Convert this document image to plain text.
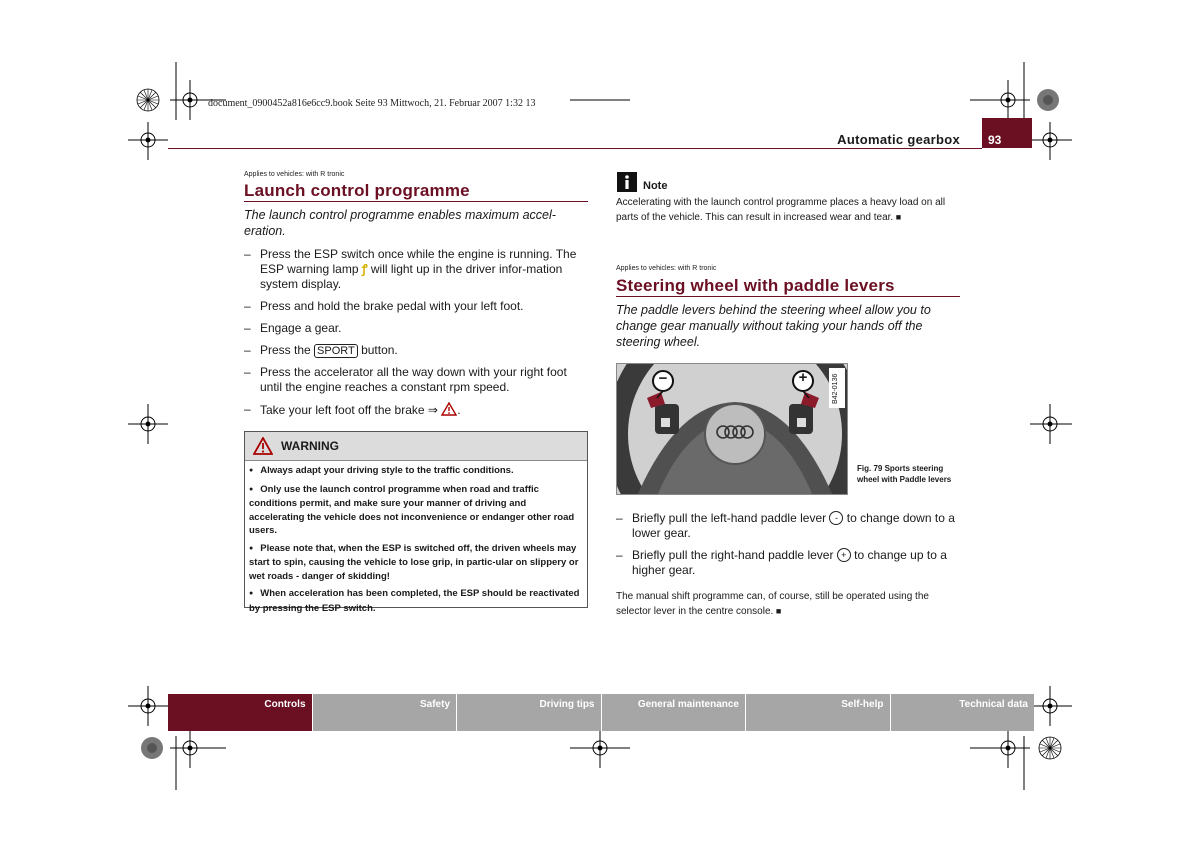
document_0900452a816e6cc9.book Seite 93 Mittwoch, 21. Februar 2007 1:32 13
Automatic gearbox	93
Applies to vehicles: with R tronic
Launch control programme
The launch control programme enables maximum accel-eration.
– Press the ESP switch once while the engine is running. The ESP warning lamp ꝭ will light up in the driver infor-mation system display.
– Press and hold the brake pedal with your left foot.
– Engage a gear.
– Press the SPORT button.
– Press the accelerator all the way down with your right foot until the engine reaches a constant rpm speed.
– Take your left foot off the brake ⇒ .
WARNING
● Always adapt your driving style to the traffic conditions.
● Only use the launch control programme when road and traffic conditions permit, and make sure your manner of driving and accelerating the vehicle does not inconvenience or endanger other road users.
● Please note that, when the ESP is switched off, the driven wheels may start to spin, causing the vehicle to lose grip, in partic-ular on slippery or wet roads - danger of skidding!
● When acceleration has been completed, the ESP should be reactivated by pressing the ESP switch.
Note
Accelerating with the launch control programme places a heavy load on all parts of the vehicle. This can result in increased wear and tear. ■
Applies to vehicles: with R tronic
Steering wheel with paddle levers
The paddle levers behind the steering wheel allow you to change gear manually without taking your hands off the steering wheel.
−	+	B42-0136
Fig. 79 Sports steering wheel with Paddle levers
– Briefly pull the left-hand paddle lever - to change down to a lower gear.
– Briefly pull the right-hand paddle lever + to change up to a higher gear.
The manual shift programme can, of course, still be operated using the selector lever in the centre console. ■
Controls	Safety	Driving tips	General maintenance	Self-help	Technical data
